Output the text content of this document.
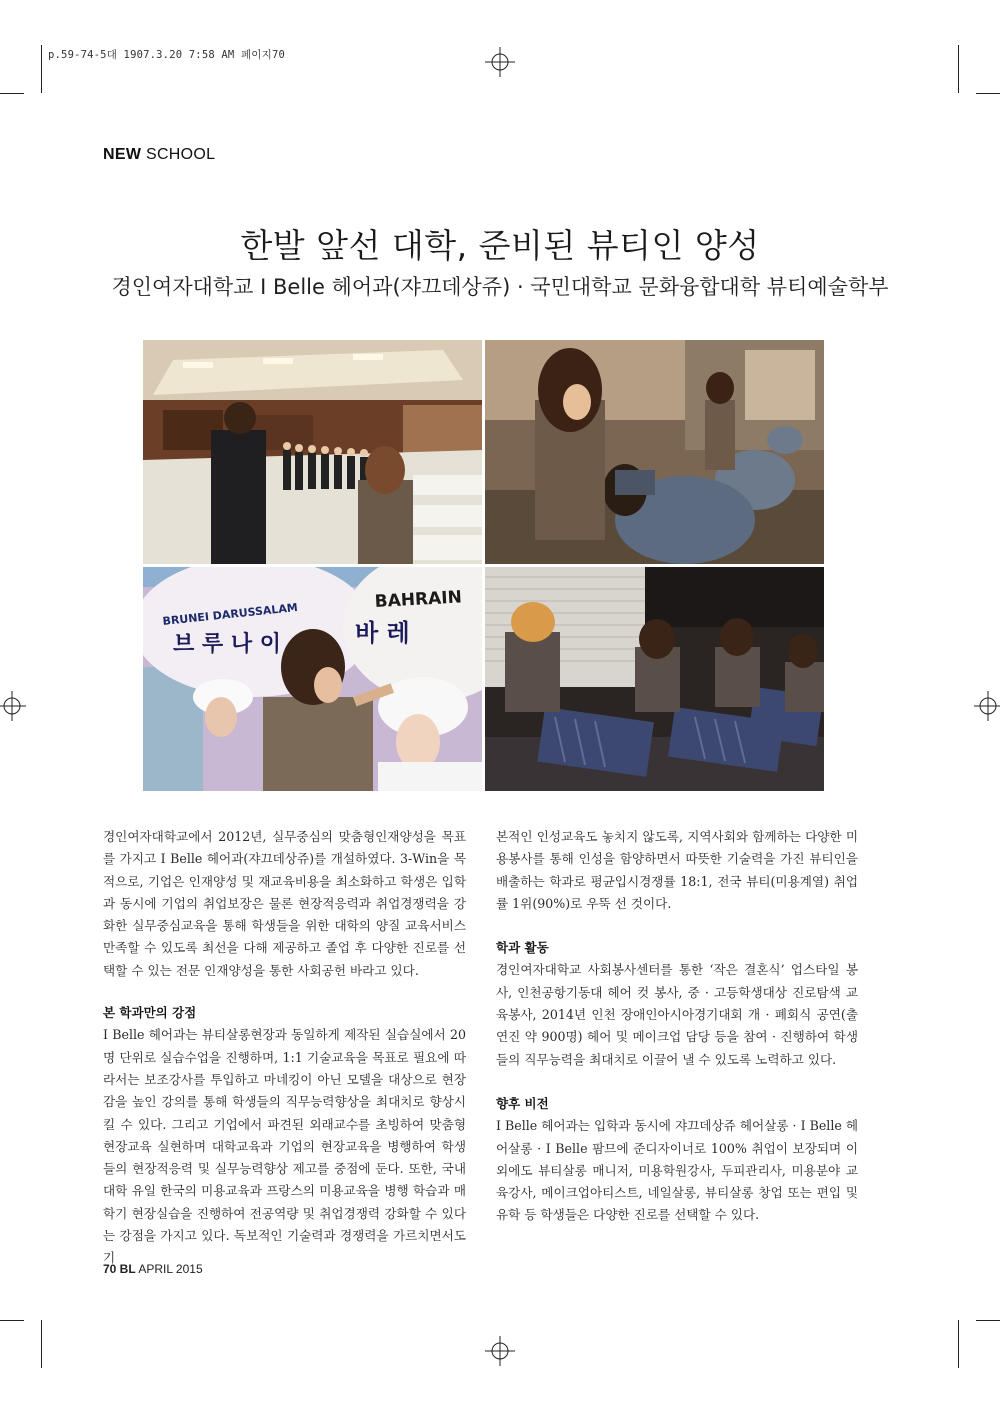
p.59-74-5대 1907.3.20 7:58 AM 페이지70
NEW SCHOOL
한발 앞선 대학, 준비된 뷰티인 양성
경인여자대학교 I Belle 헤어과(쟈끄데상쥬) · 국민대학교 문화융합대학 뷰티예술학부
BRUNEI DARUSSALAM
브 루 나 이
BAHRAIN
바 레

경인여자대학교에서 2012년, 실무중심의 맞춤형인재양성을 목표를 가지고 I Belle 헤어과(쟈끄데상쥬)를 개설하였다. 3-Win을 목적으로, 기업은 인재양성 및 재교육비용을 최소화하고 학생은 입학과 동시에 기업의 취업보장은 물론 현장적응력과 취업경쟁력을 강화한 실무중심교육을 통해 학생들을 위한 대학의 양질 교육서비스 만족할 수 있도록 최선을 다해 제공하고 졸업 후 다양한 진로를 선택할 수 있는 전문 인재양성을 통한 사회공헌 바라고 있다.

본 학과만의 강점

I Belle 헤어과는 뷰티살롱현장과 동일하게 제작된 실습실에서 20명 단위로 실습수업을 진행하며, 1:1 기술교육을 목표로 필요에 따라서는 보조강사를 투입하고 마네킹이 아닌 모델을 대상으로 현장감을 높인 강의를 통해 학생들의 직무능력향상을 최대치로 향상시킬 수 있다. 그리고 기업에서 파견된 외래교수를 초빙하여 맞춤형 현장교육 실현하며 대학교육과 기업의 현장교육을 병행하여 학생들의 현장적응력 및 실무능력향상 제고를 중점에 둔다. 또한, 국내 대학 유일 한국의 미용교육과 프랑스의 미용교육을 병행 학습과 매 학기 현장실습을 진행하여 전공역량 및 취업경쟁력 강화할 수 있다는 강점을 가지고 있다. 독보적인 기술력과 경쟁력을 가르치면서도 기

본적인 인성교육도 놓치지 않도록, 지역사회와 함께하는 다양한 미용봉사를 통해 인성을 함양하면서 따뜻한 기술력을 가진 뷰티인을 배출하는 학과로 평균입시경쟁률 18:1, 전국 뷰티(미용계열) 취업률 1위(90%)로 우뚝 선 것이다.

학과 활동

경인여자대학교 사회봉사센터를 통한 ‘작은 결혼식’ 업스타일 봉사, 인천공항기동대 헤어 컷 봉사, 중 · 고등학생대상 진로탐색 교육봉사, 2014년 인천 장애인아시아경기대회 개 · 폐회식 공연(출연진 약 900명) 헤어 및 메이크업 담당 등을 참여 · 진행하여 학생들의 직무능력을 최대치로 이끌어 낼 수 있도록 노력하고 있다.

향후 비전

I Belle 헤어과는 입학과 동시에 쟈끄데상쥬 헤어살롱 · I Belle 헤어살롱 · I Belle 팜므에 준디자이너로 100% 취업이 보장되며 이외에도 뷰티살롱 매니저, 미용학원강사, 두피관리사, 미용분야 교육강사, 메이크업아티스트, 네일살롱, 뷰티살롱 창업 또는 편입 및 유학 등 학생들은 다양한 진로를 선택할 수 있다.

70 BL APRIL 2015
